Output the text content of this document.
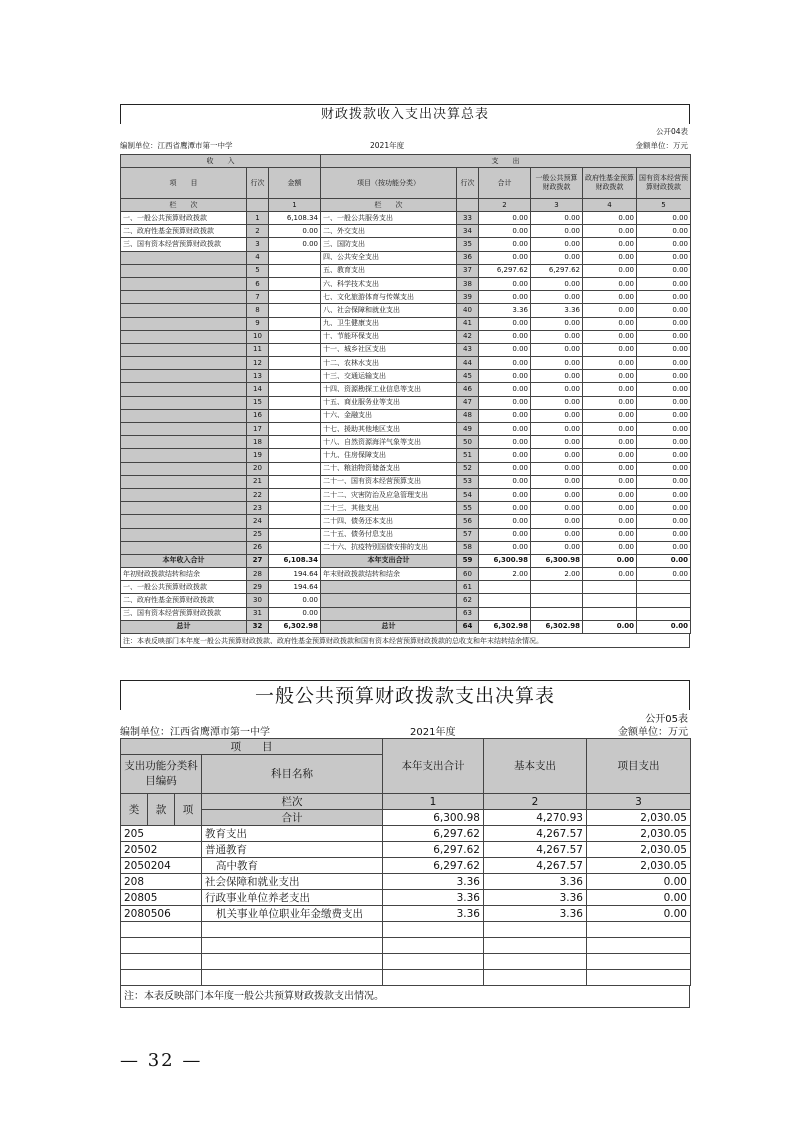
财政拨款收入支出决算总表
公开04表
编制单位：江西省鹰潭市第一中学	2021年度	金额单位：万元
收　　入			支　　出					
项　　目	行次	金额	项目（按功能分类）	行次	合计	一般公共预算财政拨款	政府性基金预算财政拨款	国有资本经营预算财政拨款
栏　　次		1	栏　　次		2	3	4	5
一、一般公共预算财政拨款	1	6,108.34	一、一般公共服务支出	33	0.00	0.00	0.00	0.00
二、政府性基金预算财政拨款	2	0.00	二、外交支出	34	0.00	0.00	0.00	0.00
三、国有资本经营预算财政拨款	3	0.00	三、国防支出	35	0.00	0.00	0.00	0.00
	4		四、公共安全支出	36	0.00	0.00	0.00	0.00
	5		五、教育支出	37	6,297.62	6,297.62	0.00	0.00
	6		六、科学技术支出	38	0.00	0.00	0.00	0.00
	7		七、文化旅游体育与传媒支出	39	0.00	0.00	0.00	0.00
	8		八、社会保障和就业支出	40	3.36	3.36	0.00	0.00
	9		九、卫生健康支出	41	0.00	0.00	0.00	0.00
	10		十、节能环保支出	42	0.00	0.00	0.00	0.00
	11		十一、城乡社区支出	43	0.00	0.00	0.00	0.00
	12		十二、农林水支出	44	0.00	0.00	0.00	0.00
	13		十三、交通运输支出	45	0.00	0.00	0.00	0.00
	14		十四、资源勘探工业信息等支出	46	0.00	0.00	0.00	0.00
	15		十五、商业服务业等支出	47	0.00	0.00	0.00	0.00
	16		十六、金融支出	48	0.00	0.00	0.00	0.00
	17		十七、援助其他地区支出	49	0.00	0.00	0.00	0.00
	18		十八、自然资源海洋气象等支出	50	0.00	0.00	0.00	0.00
	19		十九、住房保障支出	51	0.00	0.00	0.00	0.00
	20		二十、粮油物资储备支出	52	0.00	0.00	0.00	0.00
	21		二十一、国有资本经营预算支出	53	0.00	0.00	0.00	0.00
	22		二十二、灾害防治及应急管理支出	54	0.00	0.00	0.00	0.00
	23		二十三、其他支出	55	0.00	0.00	0.00	0.00
	24		二十四、债务还本支出	56	0.00	0.00	0.00	0.00
	25		二十五、债务付息支出	57	0.00	0.00	0.00	0.00
	26		二十六、抗疫特别国债安排的支出	58	0.00	0.00	0.00	0.00
本年收入合计	27	6,108.34	本年支出合计	59	6,300.98	6,300.98	0.00	0.00
年初财政拨款结转和结余	28	194.64	年末财政拨款结转和结余	60	2.00	2.00	0.00	0.00
一、一般公共预算财政拨款	29	194.64		61				
二、政府性基金预算财政拨款	30	0.00		62				
三、国有资本经营预算财政拨款	31	0.00		63				
总计	32	6,302.98	总计	64	6,302.98	6,302.98	0.00	0.00
注：本表反映部门本年度一般公共预算财政拨款、政府性基金预算财政拨款和国有资本经营预算财政拨款的总收支和年末结转结余情况。
一般公共预算财政拨款支出决算表
公开05表
编制单位：江西省鹰潭市第一中学	2021年度	金额单位：万元
项　　目				本年支出合计	基本支出	项目支出
支出功能分类科目编码			科目名称			

类	款	项	栏次	1	2	3
			合计	6,300.98	4,270.93	2,030.05
205			教育支出	6,297.62	4,267.57	2,030.05
20502			普通教育	6,297.62	4,267.57	2,030.05
2050204			高中教育	6,297.62	4,267.57	2,030.05
208			社会保障和就业支出	3.36	3.36	0.00
20805			行政事业单位养老支出	3.36	3.36	0.00
2080506			机关事业单位职业年金缴费支出	3.36	3.36	0.00

注：本表反映部门本年度一般公共预算财政拨款支出情况。
— 32 —
